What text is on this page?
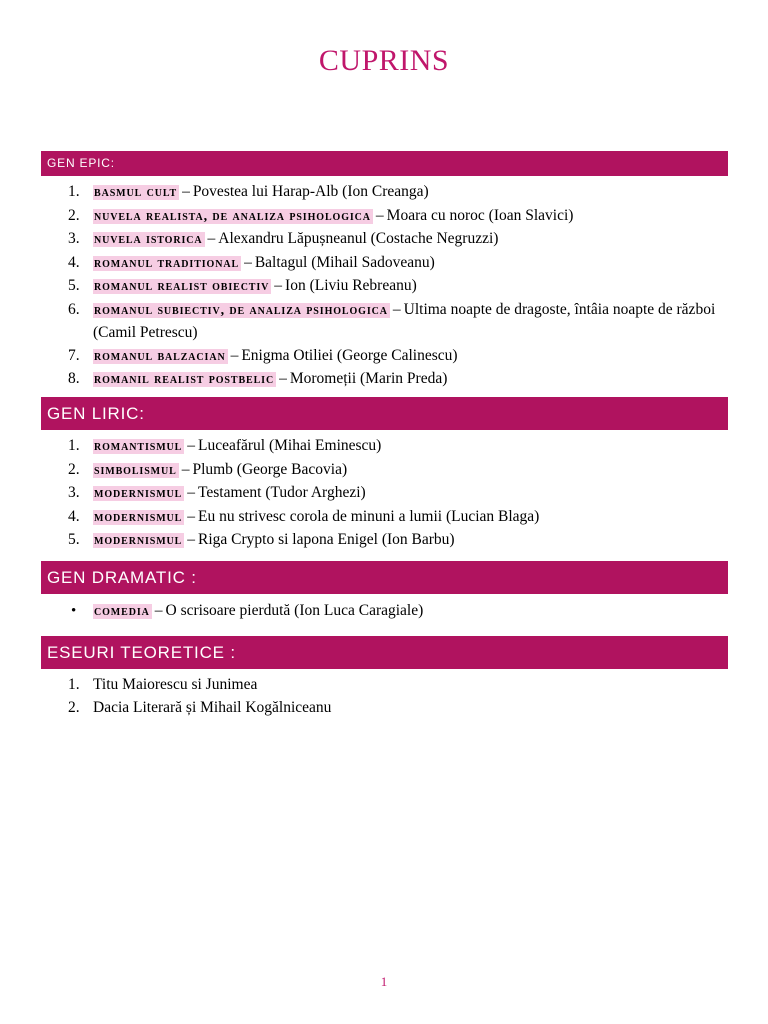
CUPRINS
GEN EPIC:
1. basmul cult – Povestea lui Harap-Alb (Ion Creanga)
2. nuvela realista, de analiza psihologica – Moara cu noroc (Ioan Slavici)
3. nuvela istorica – Alexandru Lăpușneanul (Costache Negruzzi)
4. romanul traditional – Baltagul (Mihail Sadoveanu)
5. romanul realist obiectiv – Ion (Liviu Rebreanu)
6. romanul subiectiv, de analiza psihologica – Ultima noapte de dragoste, întâia noapte de război (Camil Petrescu)
7. romanul balzacian – Enigma Otiliei (George Calinescu)
8. romanil realist postbelic – Moromeții (Marin Preda)
GEN LIRIC:
1. romantismul – Luceafărul (Mihai Eminescu)
2. simbolismul – Plumb (George Bacovia)
3. modernismul – Testament (Tudor Arghezi)
4. modernismul – Eu nu strivesc corola de minuni a lumii (Lucian Blaga)
5. modernismul – Riga Crypto si lapona Enigel (Ion Barbu)
GEN DRAMATIC :
• comedia – O scrisoare pierdută (Ion Luca Caragiale)
ESEURI TEORETICE :
1. Titu Maiorescu si Junimea
2. Dacia Literară și Mihail Kogălniceanu
1
